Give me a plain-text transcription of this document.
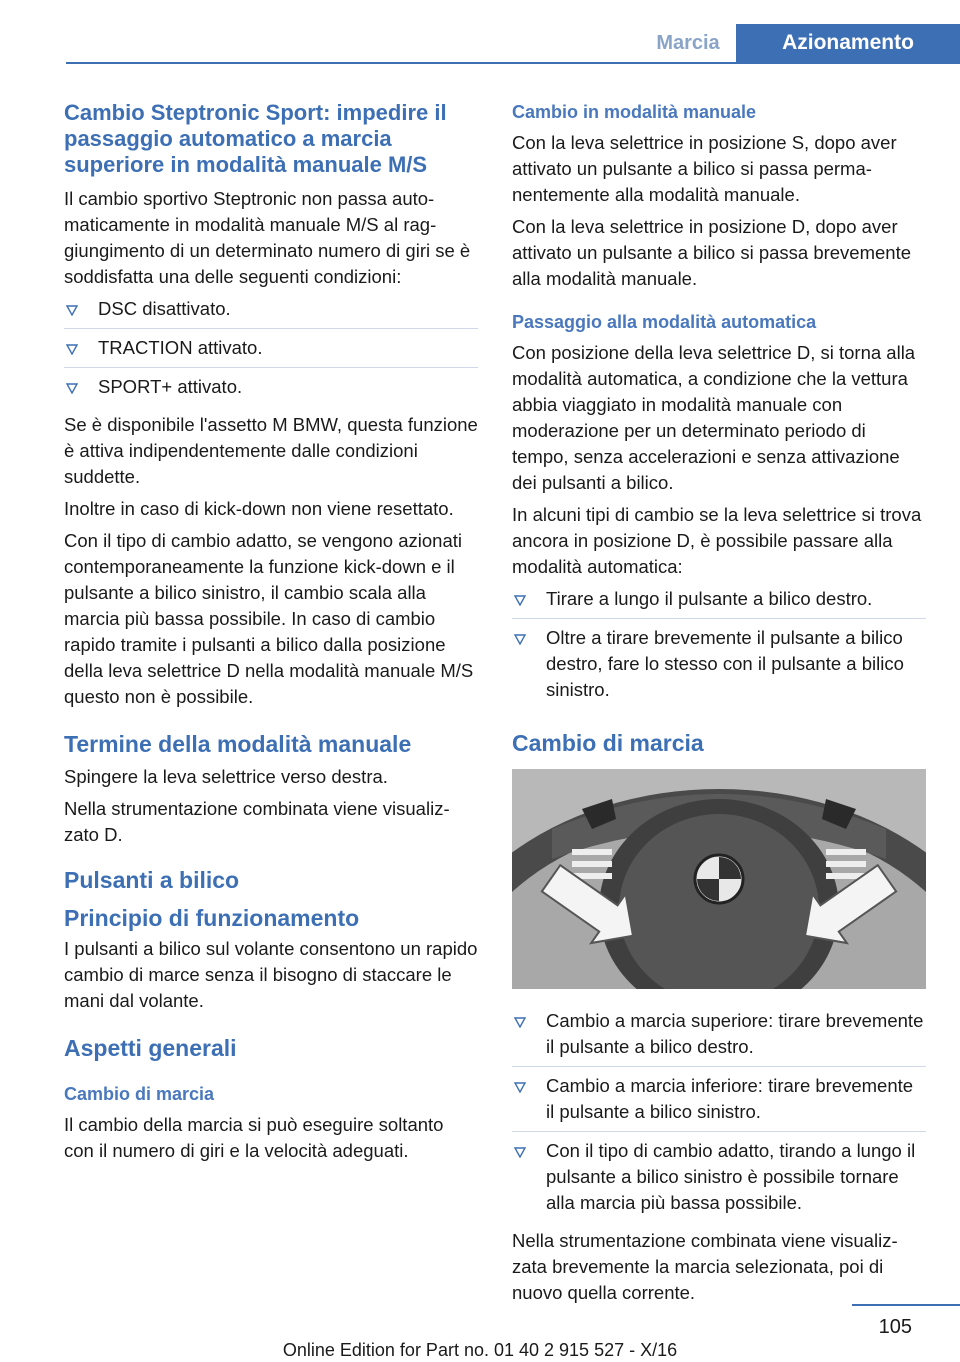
Marcia	Azionamento
Cambio Steptronic Sport: impedire il passaggio automatico a marcia superiore in modalità manuale M/S

Il cambio sportivo Steptronic non passa automaticamente in modalità manuale M/S al raggiungimento di un determinato numero di giri se è soddisfatta una delle seguenti condizioni:

DSC disattivato.
TRACTION attivato.
SPORT+ attivato.

Se è disponibile l'assetto M BMW, questa funzione è attiva indipendentemente dalle condizioni suddette.

Inoltre in caso di kick-down non viene resettato.

Con il tipo di cambio adatto, se vengono azionati contemporaneamente la funzione kick-down e il pulsante a bilico sinistro, il cambio scala alla marcia più bassa possibile. In caso di cambio rapido tramite i pulsanti a bilico dalla posizione della leva selettrice D nella modalità manuale M/S questo non è possibile.

Termine della modalità manuale

Spingere la leva selettrice verso destra.

Nella strumentazione combinata viene visualizzato D.

Pulsanti a bilico
Principio di funzionamento

I pulsanti a bilico sul volante consentono un rapido cambio di marce senza il bisogno di staccare le mani dal volante.

Aspetti generali
Cambio di marcia

Il cambio della marcia si può eseguire soltanto con il numero di giri e la velocità adeguati.

Cambio in modalità manuale

Con la leva selettrice in posizione S, dopo aver attivato un pulsante a bilico si passa permanentemente alla modalità manuale.

Con la leva selettrice in posizione D, dopo aver attivato un pulsante a bilico si passa brevemente alla modalità manuale.

Passaggio alla modalità automatica

Con posizione della leva selettrice D, si torna alla modalità automatica, a condizione che la vettura abbia viaggiato in modalità manuale con moderazione per un determinato periodo di tempo, senza accelerazioni e senza attivazione dei pulsanti a bilico.

In alcuni tipi di cambio se la leva selettrice si trova ancora in posizione D, è possibile passare alla modalità automatica:

Tirare a lungo il pulsante a bilico destro.
Oltre a tirare brevemente il pulsante a bilico destro, fare lo stesso con il pulsante a bilico sinistro.
Cambio di marcia
Cambio a marcia superiore: tirare brevemente il pulsante a bilico destro.
Cambio a marcia inferiore: tirare brevemente il pulsante a bilico sinistro.
Con il tipo di cambio adatto, tirando a lungo il pulsante a bilico sinistro è possibile tornare alla marcia più bassa possibile.

Nella strumentazione combinata viene visualizzata brevemente la marcia selezionata, poi di nuovo quella corrente.

105
Online Edition for Part no. 01 40 2 915 527 - X/16
